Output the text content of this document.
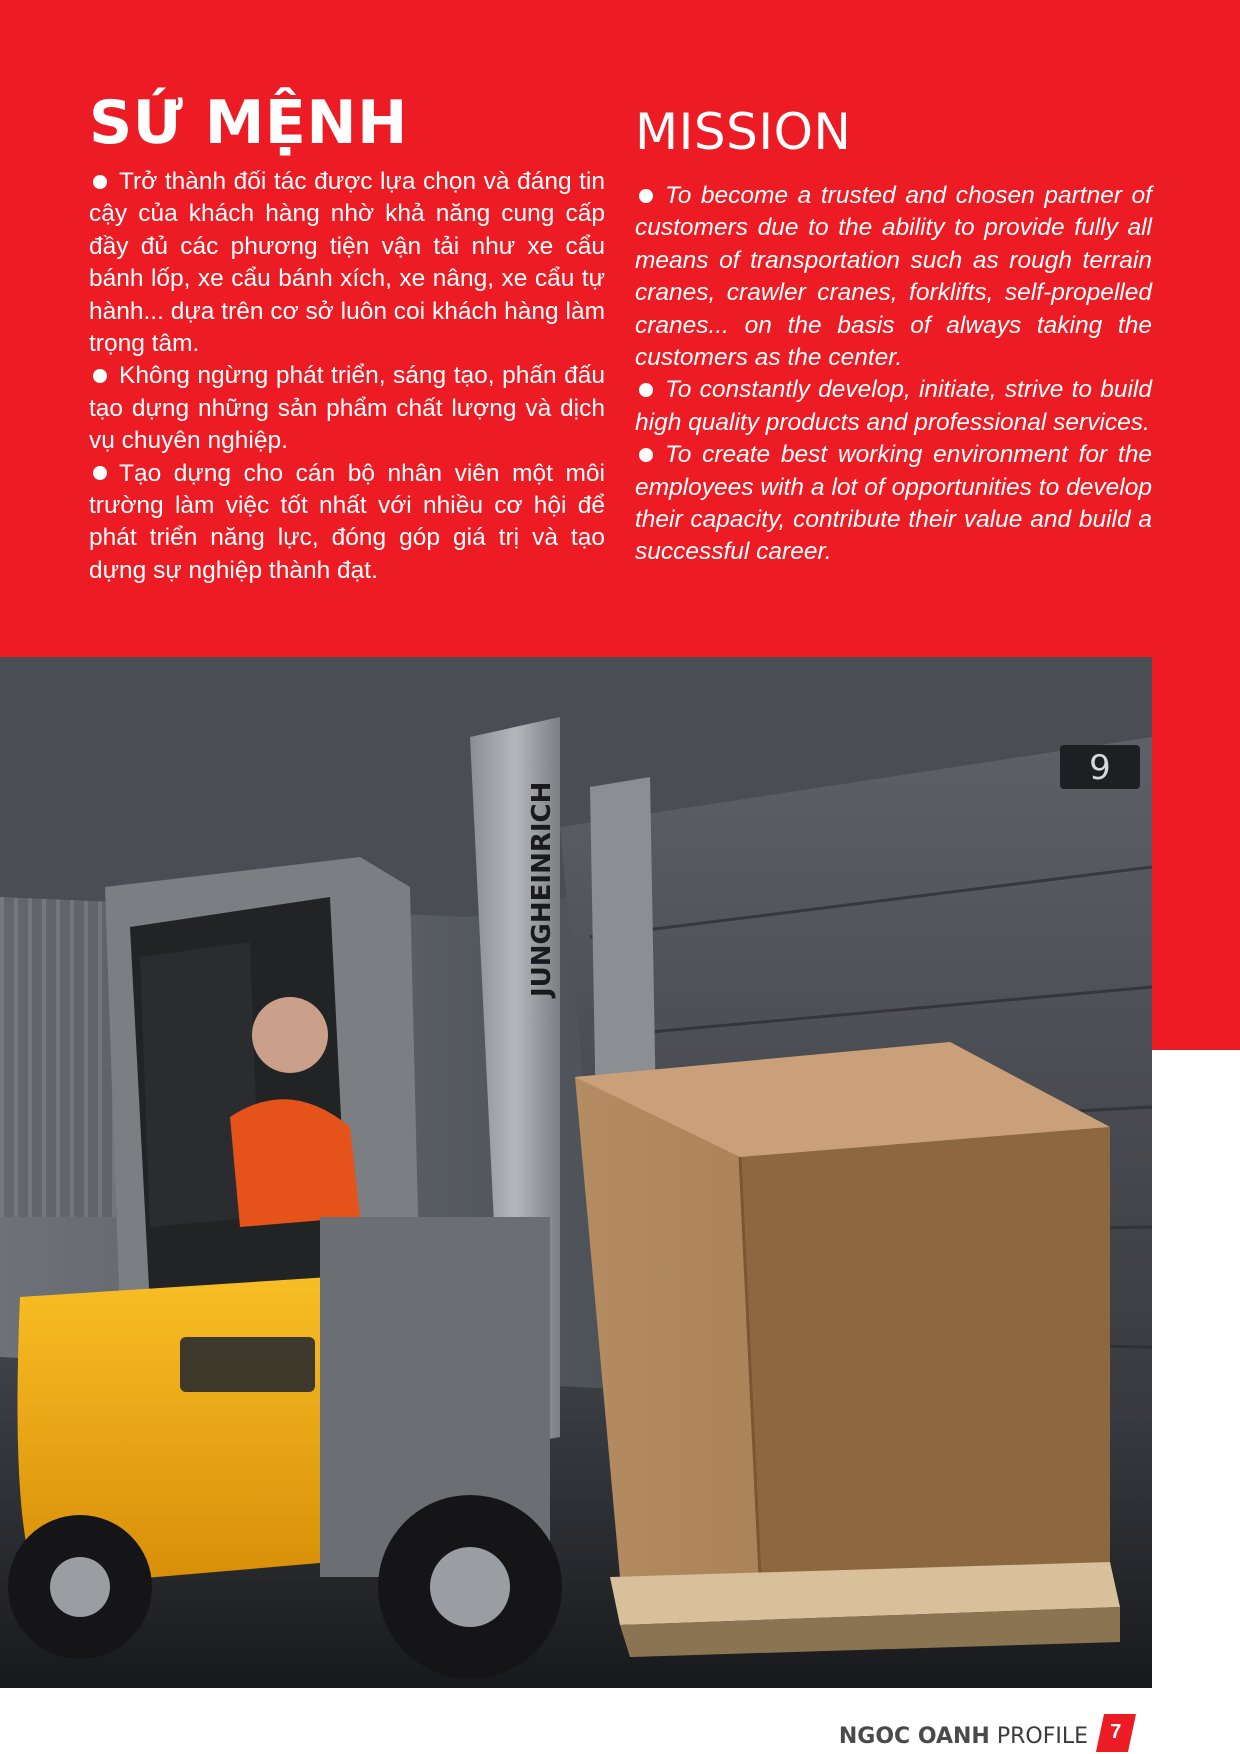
SỨ MỆNH

Trở thành đối tác được lựa chọn và đáng tin cậy của khách hàng nhờ khả năng cung cấp đầy đủ các phương tiện vận tải như xe cẩu bánh lốp, xe cẩu bánh xích, xe nâng, xe cẩu tự hành... dựa trên cơ sở luôn coi khách hàng làm trọng tâm.

Không ngừng phát triển, sáng tạo, phấn đấu tạo dựng những sản phẩm chất lượng và dịch vụ chuyên nghiệp.

Tạo dựng cho cán bộ nhân viên một môi trường làm việc tốt nhất với nhiều cơ hội để phát triển năng lực, đóng góp giá trị và tạo dựng sự nghiệp thành đạt.

MISSION

To become a trusted and chosen partner of customers due to the ability to provide fully all means of transportation such as rough terrain cranes, crawler cranes, forklifts, self-propelled cranes... on the basis of always taking the customers as the center.

To constantly develop, initiate, strive to build high quality products and professional services.

To create best working environment for the employees with a lot of opportunities to develop their capacity, contribute their value and build a successful career.

9
JUNGHEINRICH
NGOC OANH PROFILE	7
